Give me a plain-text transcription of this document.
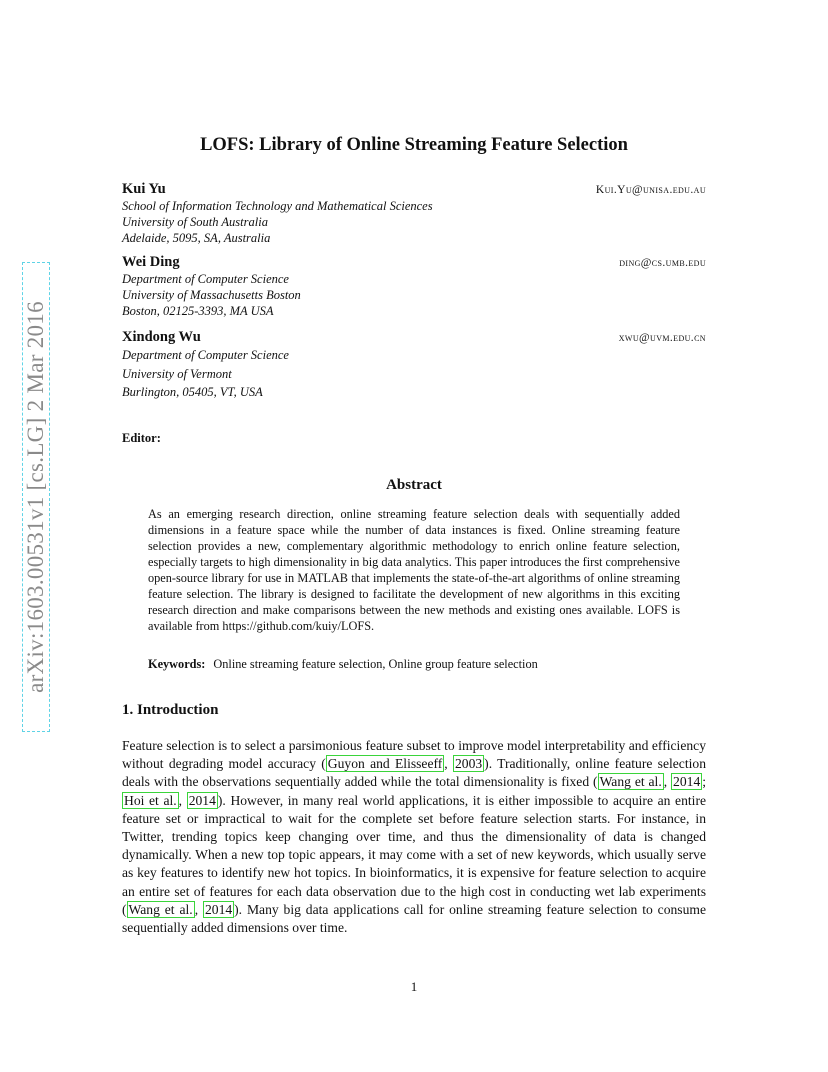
arXiv:1603.00531v1 [cs.LG] 2 Mar 2016
LOFS: Library of Online Streaming Feature Selection
Kui Yu	Kui.Yu@unisa.edu.au
School of Information Technology and Mathematical Sciences
University of South Australia
Adelaide, 5095, SA, Australia
Wei Ding	ding@cs.umb.edu
Department of Computer Science
University of Massachusetts Boston
Boston, 02125-3393, MA USA
Xindong Wu	xwu@uvm.edu.cn
Department of Computer Science
University of Vermont
Burlington, 05405, VT, USA
Editor:
Abstract
As an emerging research direction, online streaming feature selection deals with sequentially added dimensions in a feature space while the number of data instances is fixed. Online streaming feature selection provides a new, complementary algorithmic methodology to enrich online feature selection, especially targets to high dimensionality in big data analytics. This paper introduces the first comprehensive open-source library for use in MATLAB that implements the state-of-the-art algorithms of online streaming feature selection. The library is designed to facilitate the development of new algorithms in this exciting research direction and make comparisons between the new methods and existing ones available. LOFS is available from https://github.com/kuiy/LOFS.
Keywords: Online streaming feature selection, Online group feature selection
1. Introduction
Feature selection is to select a parsimonious feature subset to improve model interpretability and efficiency without degrading model accuracy ( Guyon and Elisseeff , 2003 ). Traditionally, online feature selection deals with the observations sequentially added while the total dimensionality is fixed ( Wang et al. , 2014 ; Hoi et al. , 2014 ). However, in many real world applications, it is either impossible to acquire an entire feature set or impractical to wait for the complete set before feature selection starts. For instance, in Twitter, trending topics keep changing over time, and thus the dimensionality of data is changed dynamically. When a new top topic appears, it may come with a set of new keywords, which usually serve as key features to identify new hot topics. In bioinformatics, it is expensive for feature selection to acquire an entire set of features for each data observation due to the high cost in conducting wet lab experiments ( Wang et al. , 2014 ). Many big data applications call for online streaming feature selection to consume sequentially added dimensions over time.
1
